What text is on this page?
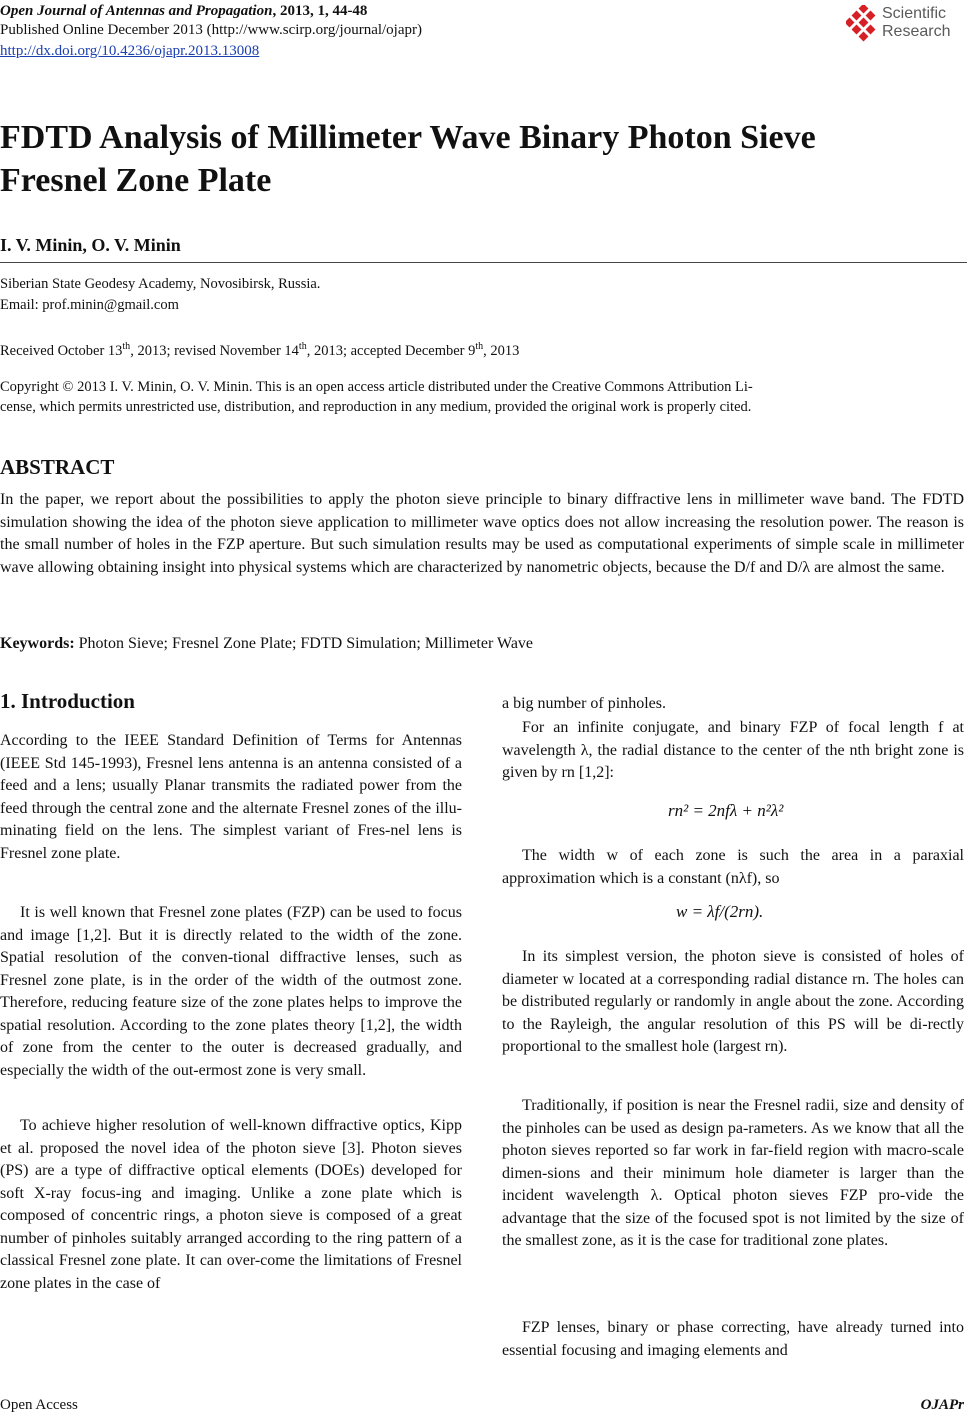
Open Journal of Antennas and Propagation, 2013, 1, 44-48
Published Online December 2013 (http://www.scirp.org/journal/ojapr)
http://dx.doi.org/10.4236/ojapr.2013.13008
Scientific
Research
FDTD Analysis of Millimeter Wave Binary Photon Sieve
Fresnel Zone Plate
I. V. Minin, O. V. Minin
Siberian State Geodesy Academy, Novosibirsk, Russia.
Email: prof.minin@gmail.com
Received October 13th, 2013; revised November 14th, 2013; accepted December 9th, 2013
Copyright © 2013 I. V. Minin, O. V. Minin. This is an open access article distributed under the Creative Commons Attribution Li-
cense, which permits unrestricted use, distribution, and reproduction in any medium, provided the original work is properly cited.
ABSTRACT
In the paper, we report about the possibilities to apply the photon sieve principle to binary diffractive lens in millimeter wave band. The FDTD simulation showing the idea of the photon sieve application to millimeter wave optics does not allow increasing the resolution power. The reason is the small number of holes in the FZP aperture. But such simulation results may be used as computational experiments of simple scale in millimeter wave allowing obtaining insight into physical systems which are characterized by nanometric objects, because the D/f and D/λ are almost the same.
Keywords: Photon Sieve; Fresnel Zone Plate; FDTD Simulation; Millimeter Wave
1. Introduction
According to the IEEE Standard Definition of Terms for Antennas (IEEE Std 145-1993), Fresnel lens antenna is an antenna consisted of a feed and a lens; usually Planar transmits the radiated power from the feed through the central zone and the alternate Fresnel zones of the illu-minating field on the lens. The simplest variant of Fres-nel lens is Fresnel zone plate.
It is well known that Fresnel zone plates (FZP) can be used to focus and image [1,2]. But it is directly related to the width of the zone. Spatial resolution of the conven-tional diffractive lenses, such as Fresnel zone plate, is in the order of the width of the outmost zone. Therefore, reducing feature size of the zone plates helps to improve the spatial resolution. According to the zone plates theory [1,2], the width of zone from the center to the outer is decreased gradually, and especially the width of the out-ermost zone is very small.
To achieve higher resolution of well-known diffractive optics, Kipp et al. proposed the novel idea of the photon sieve [3]. Photon sieves (PS) are a type of diffractive optical elements (DOEs) developed for soft X-ray focus-ing and imaging. Unlike a zone plate which is composed of concentric rings, a photon sieve is composed of a great number of pinholes suitably arranged according to the ring pattern of a classical Fresnel zone plate. It can over-come the limitations of Fresnel zone plates in the case of
a big number of pinholes.
For an infinite conjugate, and binary FZP of focal length f at wavelength λ, the radial distance to the center of the nth bright zone is given by rn [1,2]:
rn² = 2nfλ + n²λ²
The width w of each zone is such the area in a paraxial approximation which is a constant (nλf), so
w = λf/(2rn).
In its simplest version, the photon sieve is consisted of holes of diameter w located at a corresponding radial distance rn. The holes can be distributed regularly or randomly in angle about the zone. According to the Rayleigh, the angular resolution of this PS will be di-rectly proportional to the smallest hole (largest rn).
Traditionally, if position is near the Fresnel radii, size and density of the pinholes can be used as design pa-rameters. As we know that all the photon sieves reported so far work in far-field region with macro-scale dimen-sions and their minimum hole diameter is larger than the incident wavelength λ. Optical photon sieves FZP pro-vide the advantage that the size of the focused spot is not limited by the size of the smallest zone, as it is the case for traditional zone plates.
FZP lenses, binary or phase correcting, have already turned into essential focusing and imaging elements and
Open Access	OJAPr
